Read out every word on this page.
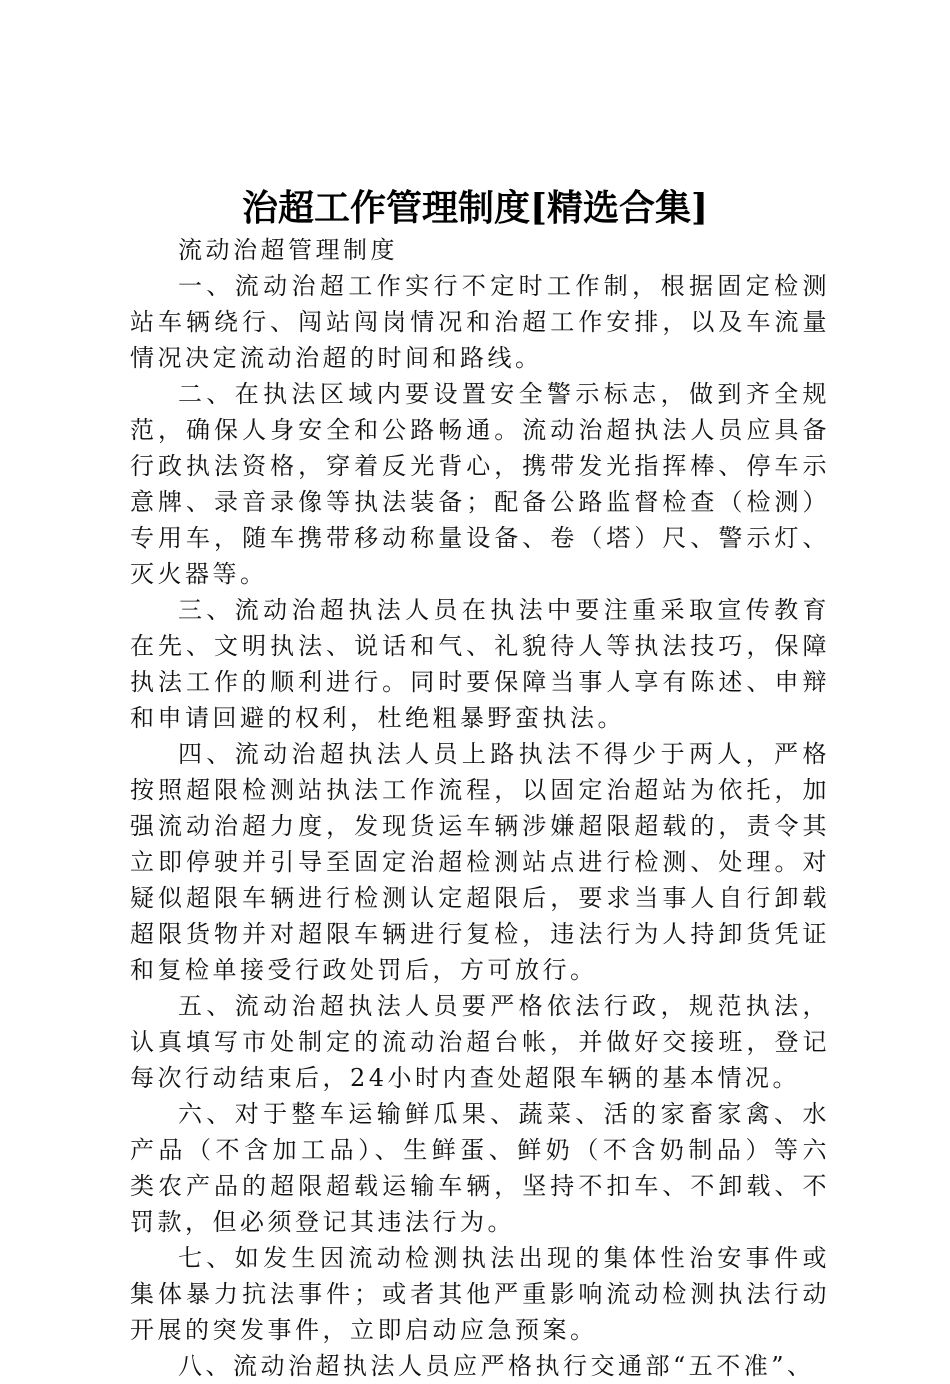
治超工作管理制度[精选合集]

流动治超管理制度

一、流动治超工作实行不定时工作制，根据固定检测站车辆绕行、闯站闯岗情况和治超工作安排，以及车流量情况决定流动治超的时间和路线。

二、在执法区域内要设置安全警示标志，做到齐全规范，确保人身安全和公路畅通。流动治超执法人员应具备行政执法资格，穿着反光背心，携带发光指挥棒、停车示意牌、录音录像等执法装备；配备公路监督检查（检测）专用车，随车携带移动称量设备、卷（塔）尺、警示灯、灭火器等。

三、流动治超执法人员在执法中要注重采取宣传教育在先、文明执法、说话和气、礼貌待人等执法技巧，保障执法工作的顺利进行。同时要保障当事人享有陈述、申辩和申请回避的权利，杜绝粗暴野蛮执法。

四、流动治超执法人员上路执法不得少于两人，严格按照超限检测站执法工作流程，以固定治超站为依托，加强流动治超力度，发现货运车辆涉嫌超限超载的，责令其立即停驶并引导至固定治超检测站点进行检测、处理。对疑似超限车辆进行检测认定超限后，要求当事人自行卸载超限货物并对超限车辆进行复检，违法行为人持卸货凭证和复检单接受行政处罚后，方可放行。

五、流动治超执法人员要严格依法行政，规范执法，认真填写市处制定的流动治超台帐，并做好交接班，登记每次行动结束后，24小时内查处超限车辆的基本情况。

六、对于整车运输鲜瓜果、蔬菜、活的家畜家禽、水产品（不含加工品）、生鲜蛋、鲜奶（不含奶制品）等六类农产品的超限超载运输车辆，坚持不扣车、不卸载、不罚款，但必须登记其违法行为。

七、如发生因流动检测执法出现的集体性治安事件或集体暴力抗法事件；或者其他严重影响流动检测执法行动开展的突发事件，立即启动应急预案。

八、流动治超执法人员应严格执行交通部“五不准”、
